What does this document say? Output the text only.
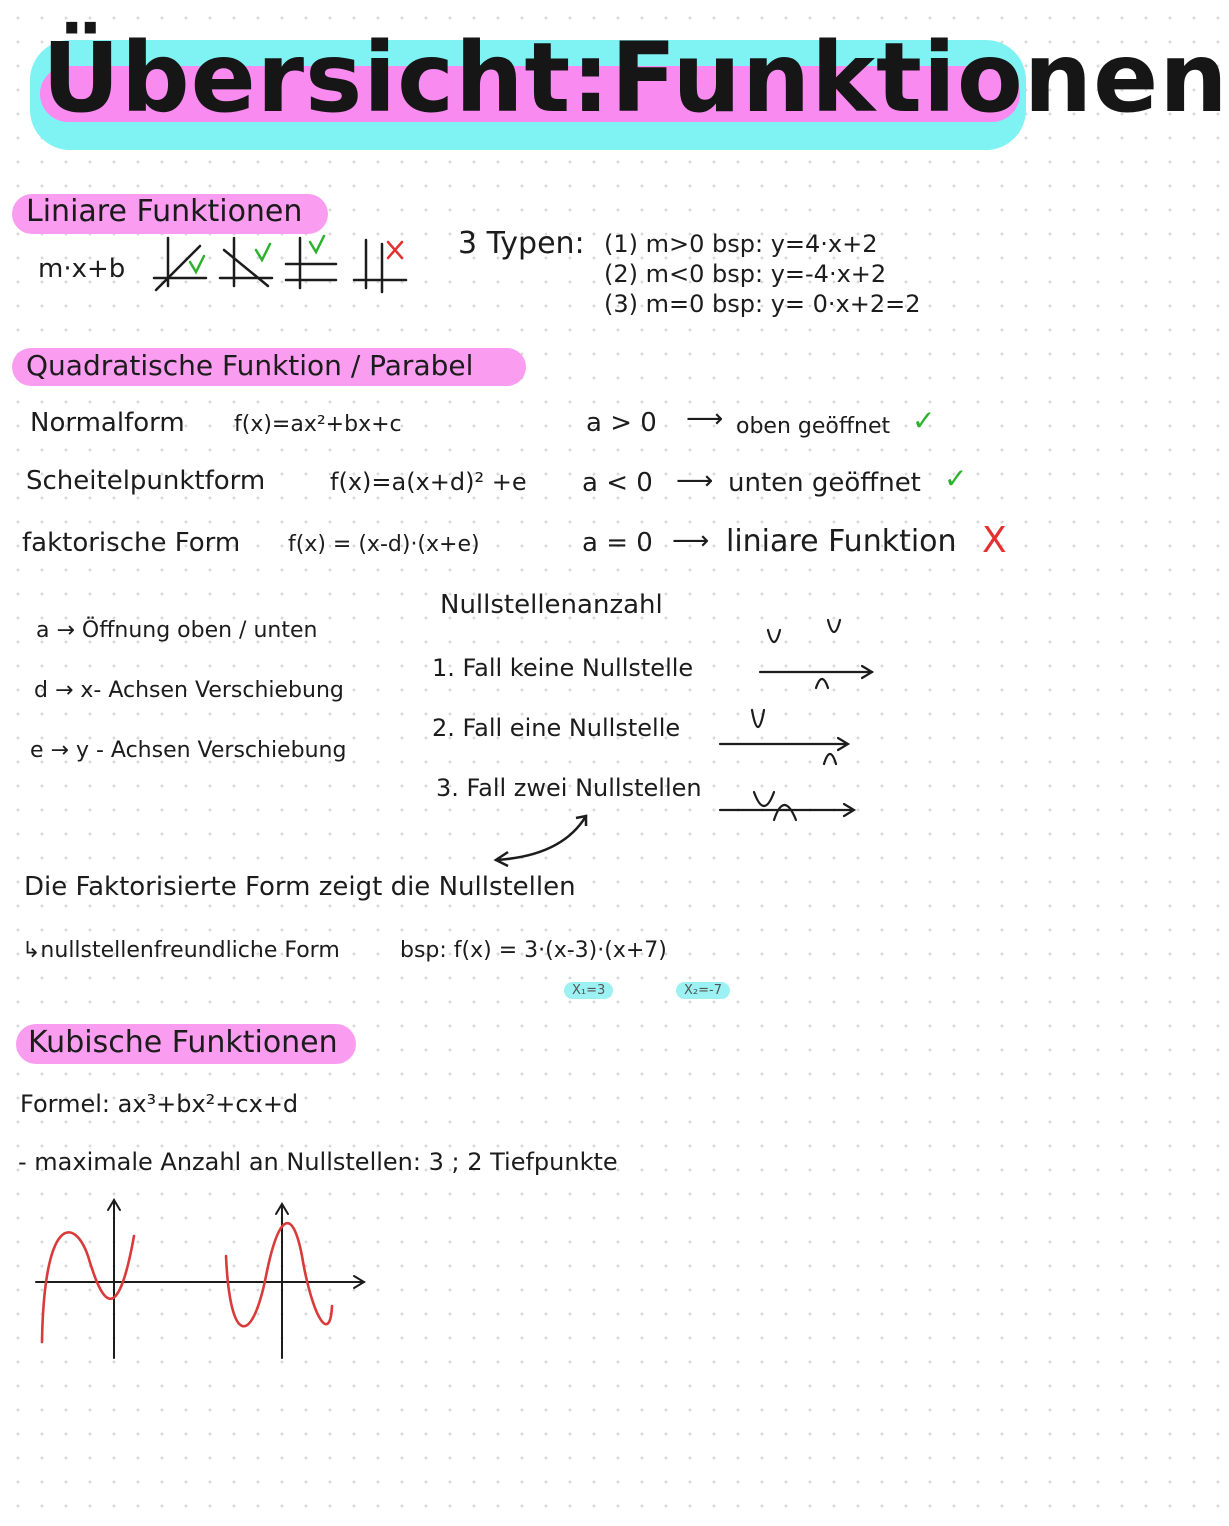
Übersicht:Funktionen
Liniare Funktionen
m·x+b
3 Typen: (1) m>0 bsp: y=4·x+2
(2) m<0 bsp: y=-4·x+2
(3) m=0 bsp: y= 0·x+2=2
Quadratische Funktion / Parabel
Normalform f(x)=ax²+bx+c
Scheitelpunktform	f(x)=a(x+d)² +e
faktorische Form f(x) = (x-d)·(x+e)
a > 0 ⟶ oben geöffnet ✓
a < 0 ⟶ unten geöffnet ✓
a = 0 ⟶ liniare Funktion X
a → Öffnung oben / unten
d → x- Achsen Verschiebung
e → y - Achsen Verschiebung
Nullstellenanzahl
1. Fall keine Nullstelle
2. Fall eine Nullstelle
3. Fall zwei Nullstellen
Die Faktorisierte Form zeigt die Nullstellen
↳nullstellenfreundliche Form	bsp: f(x) = 3·(x-3)·(x+7)
X₁=3	X₂=-7
Kubische Funktionen
Formel: ax³+bx²+cx+d
- maximale Anzahl an Nullstellen: 3 ; 2 Tiefpunkte
